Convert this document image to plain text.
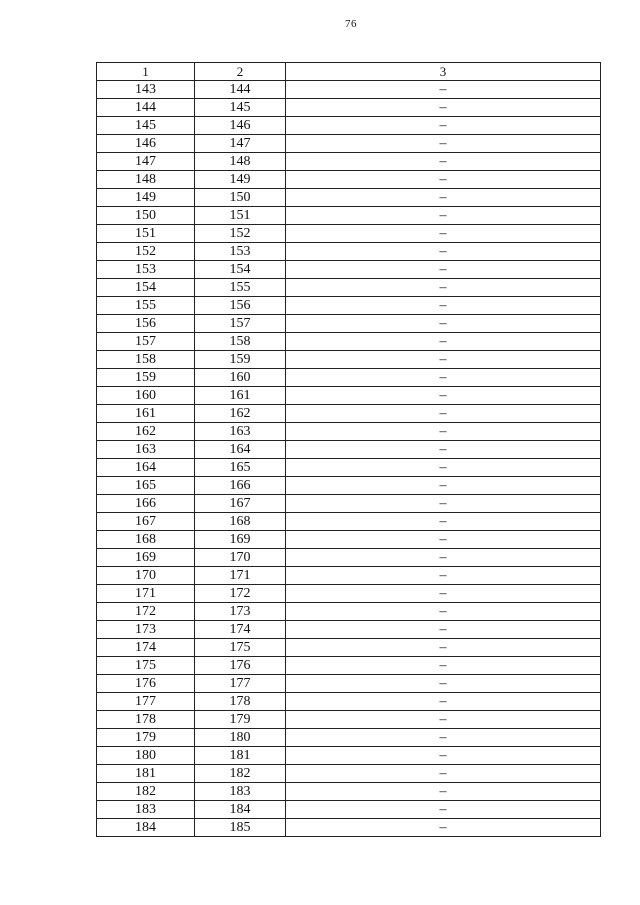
76
1	2	3
143	144	–
144	145	–
145	146	–
146	147	–
147	148	–
148	149	–
149	150	–
150	151	–
151	152	–
152	153	–
153	154	–
154	155	–
155	156	–
156	157	–
157	158	–
158	159	–
159	160	–
160	161	–
161	162	–
162	163	–
163	164	–
164	165	–
165	166	–
166	167	–
167	168	–
168	169	–
169	170	–
170	171	–
171	172	–
172	173	–
173	174	–
174	175	–
175	176	–
176	177	–
177	178	–
178	179	–
179	180	–
180	181	–
181	182	–
182	183	–
183	184	–
184	185	–
